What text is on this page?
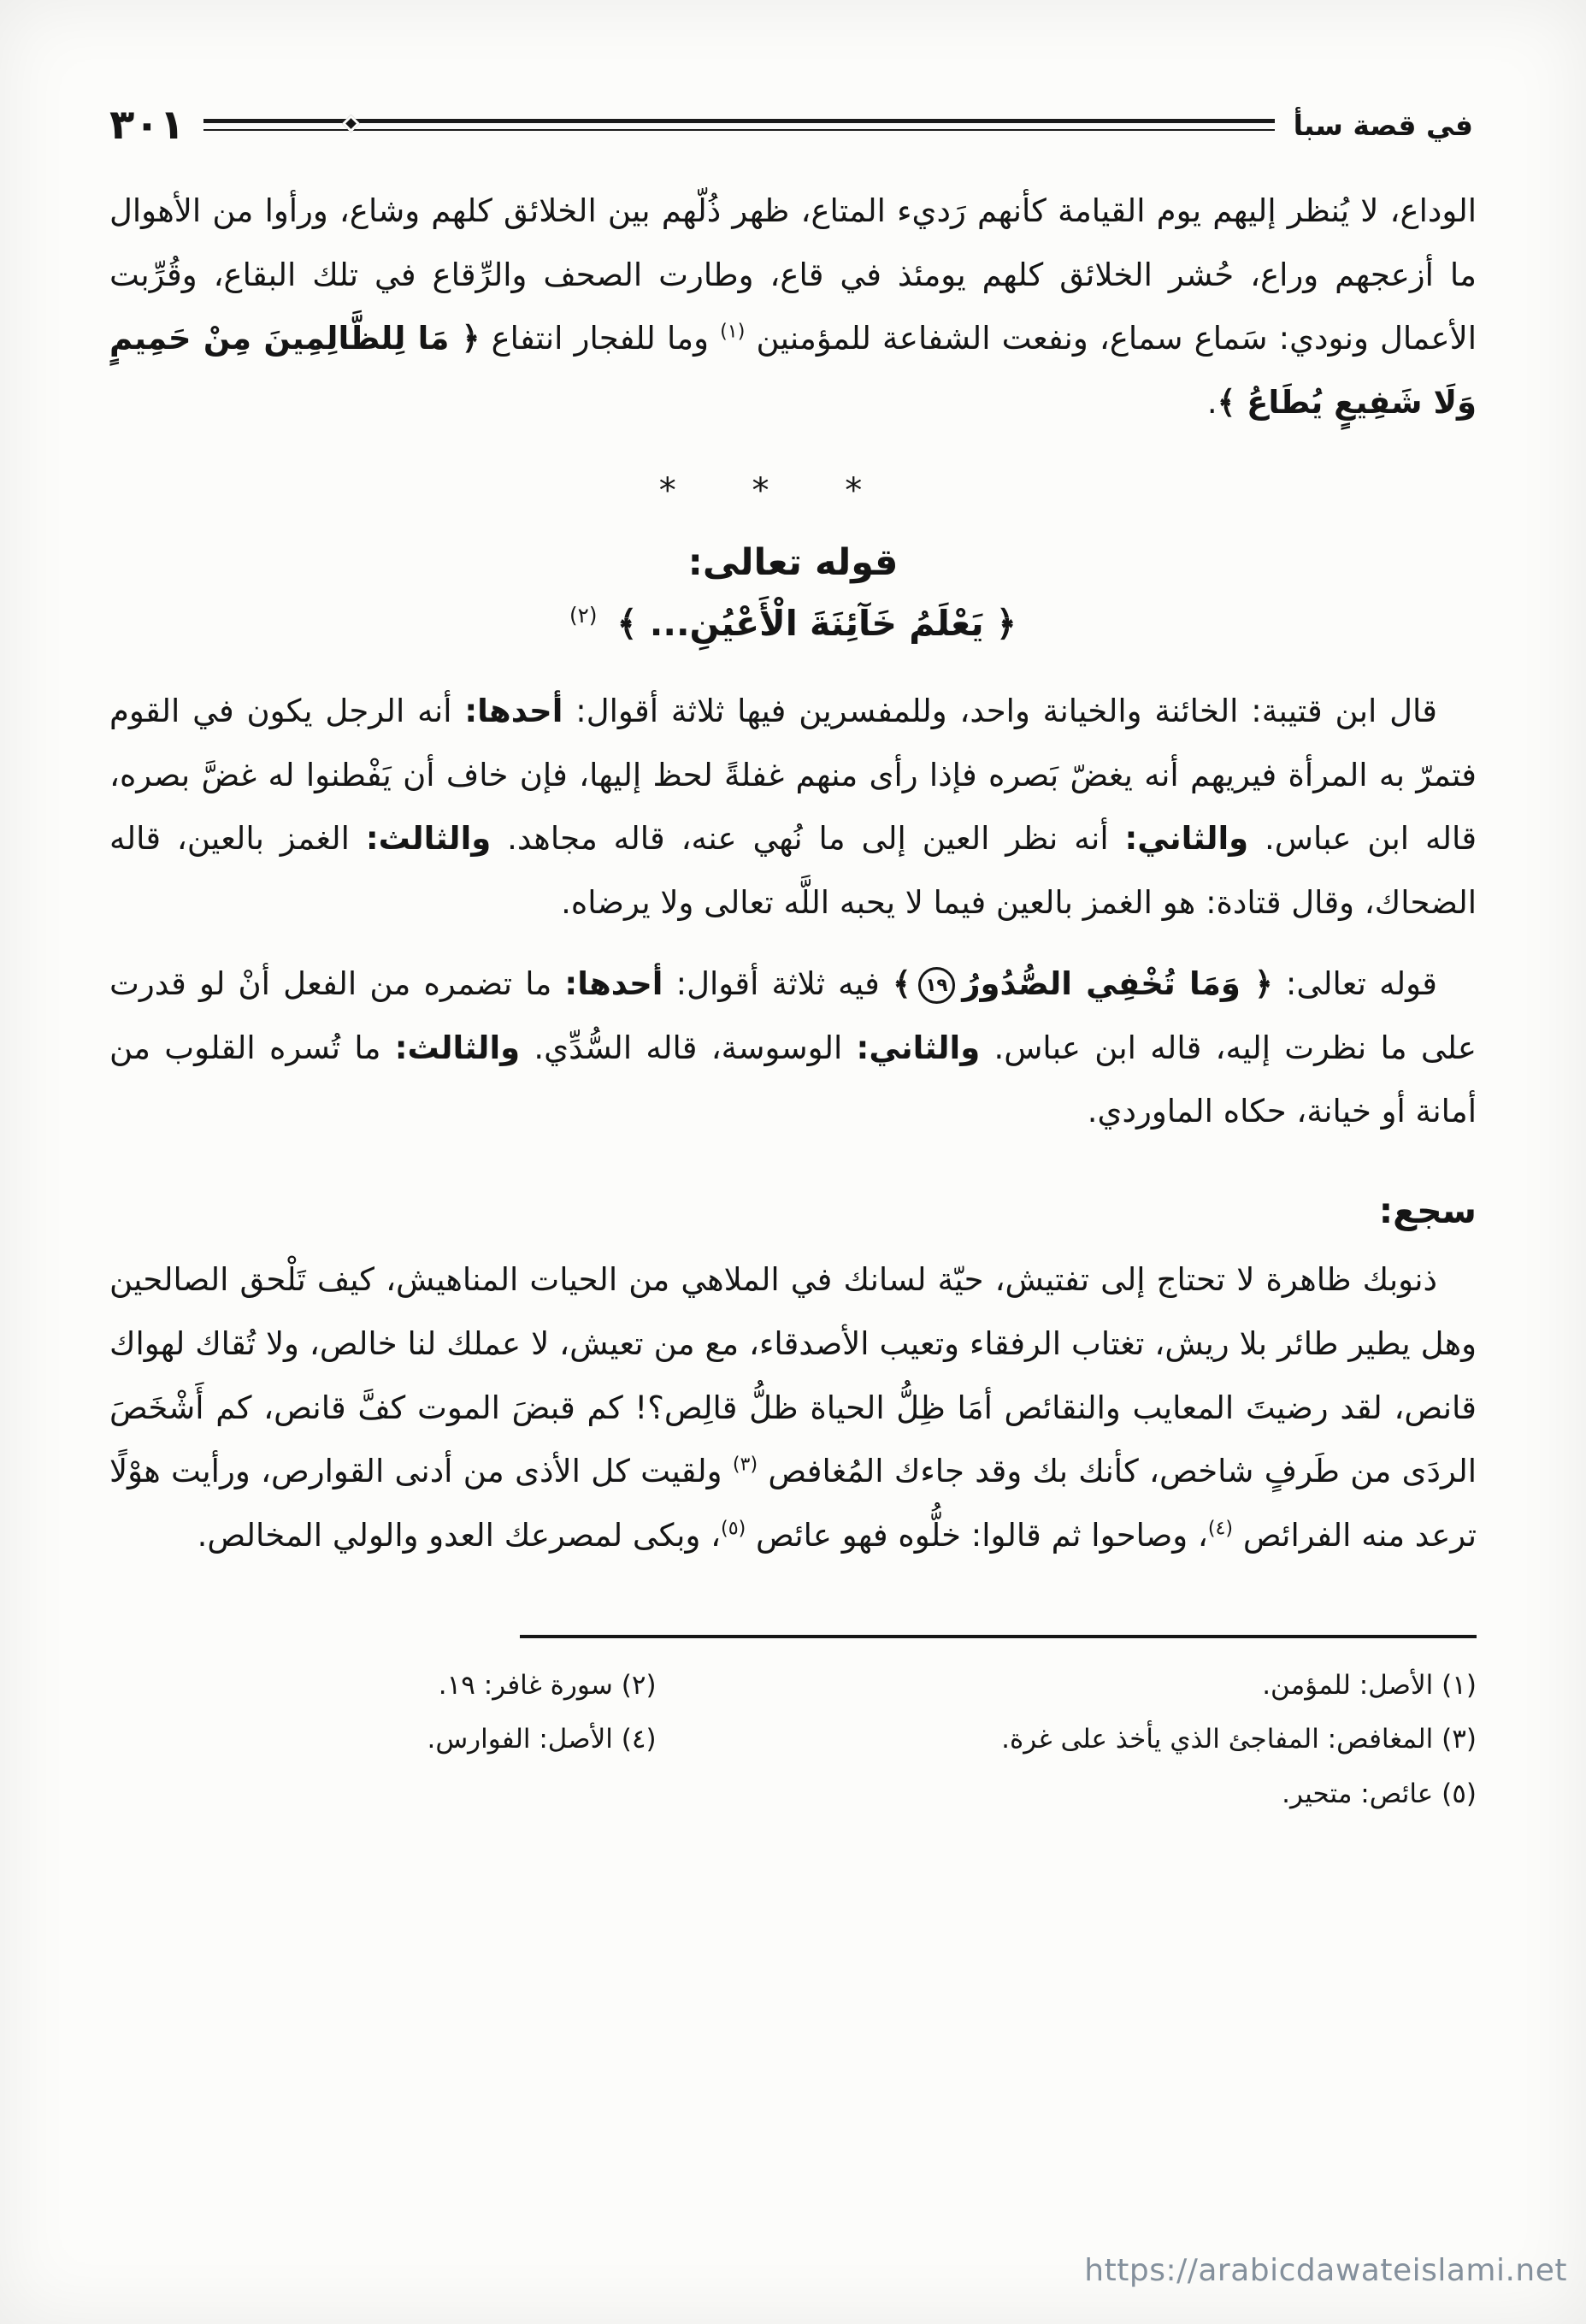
في قصة سبأ
٣٠١

الوداع، لا يُنظر إليهم يوم القيامة كأنهم رَديء المتاع، ظهر ذُلّهم بين الخلائق كلهم وشاع، ورأوا من الأهوال ما أزعجهم وراع، حُشر الخلائق كلهم يومئذ في قاع، وطارت الصحف والرِّقاع في تلك البقاع، وقُرِّبت الأعمال ونودي: سَماع سماع، ونفعت الشفاعة للمؤمنين $^{(١)}$ وما للفجار انتفاع ﴿ مَا لِلظَّالِمِينَ مِنْ حَمِيمٍ وَلَا شَفِيعٍ يُطَاعُ ﴾.

* * *
قوله تعالى:
﴿ يَعْلَمُ خَآئِنَةَ الْأَعْيُنِ... ﴾ $^{(٢)}$

قال ابن قتيبة: الخائنة والخيانة واحد، وللمفسرين فيها ثلاثة أقوال: أحدها: أنه الرجل يكون في القوم فتمرّ به المرأة فيريهم أنه يغضّ بَصره فإذا رأى منهم غفلةً لحظ إليها، فإن خاف أن يَفْطنوا له غضَّ بصره، قاله ابن عباس. والثاني: أنه نظر العين إلى ما نُهي عنه، قاله مجاهد. والثالث: الغمز بالعين، قاله الضحاك، وقال قتادة: هو الغمز بالعين فيما لا يحبه اللَّه تعالى ولا يرضاه.

قوله تعالى: ﴿ وَمَا تُخْفِي الصُّدُورُ١٩﴾ فيه ثلاثة أقوال: أحدها: ما تضمره من الفعل أنْ لو قدرت على ما نظرت إليه، قاله ابن عباس. والثاني: الوسوسة، قاله السُّدِّي. والثالث: ما تُسره القلوب من أمانة أو خيانة، حكاه الماوردي.

سجع:

ذنوبك ظاهرة لا تحتاج إلى تفتيش، حيّة لسانك في الملاهي من الحيات المناهيش، كيف تَلْحق الصالحين وهل يطير طائر بلا ريش، تغتاب الرفقاء وتعيب الأصدقاء، مع من تعيش، لا عملك لنا خالص، ولا تُقاك لهواك قانص، لقد رضيتَ المعايب والنقائص أمَا ظِلُّ الحياة ظلُّ قالِص؟! كم قبضَ الموت كفَّ قانص، كم أَشْخَصَ الردَى من طَرفٍ شاخص، كأنك بك وقد جاءك المُغافص $^{(٣)}$ ولقيت كل الأذى من أدنى القوارص، ورأيت هوْلًا ترعد منه الفرائص $^{(٤)}$، وصاحوا ثم قالوا: خلُّوه فهو عائص $^{(٥)}$، وبكى لمصرعك العدو والولي المخالص.

(١) الأصل: للمؤمن.
(٣) المغافص: المفاجئ الذي يأخذ على غرة.
(٥) عائص: متحير.
(٢) سورة غافر: ١٩.
(٤) الأصل: الفوارس.
https://arabicdawateislami.net
